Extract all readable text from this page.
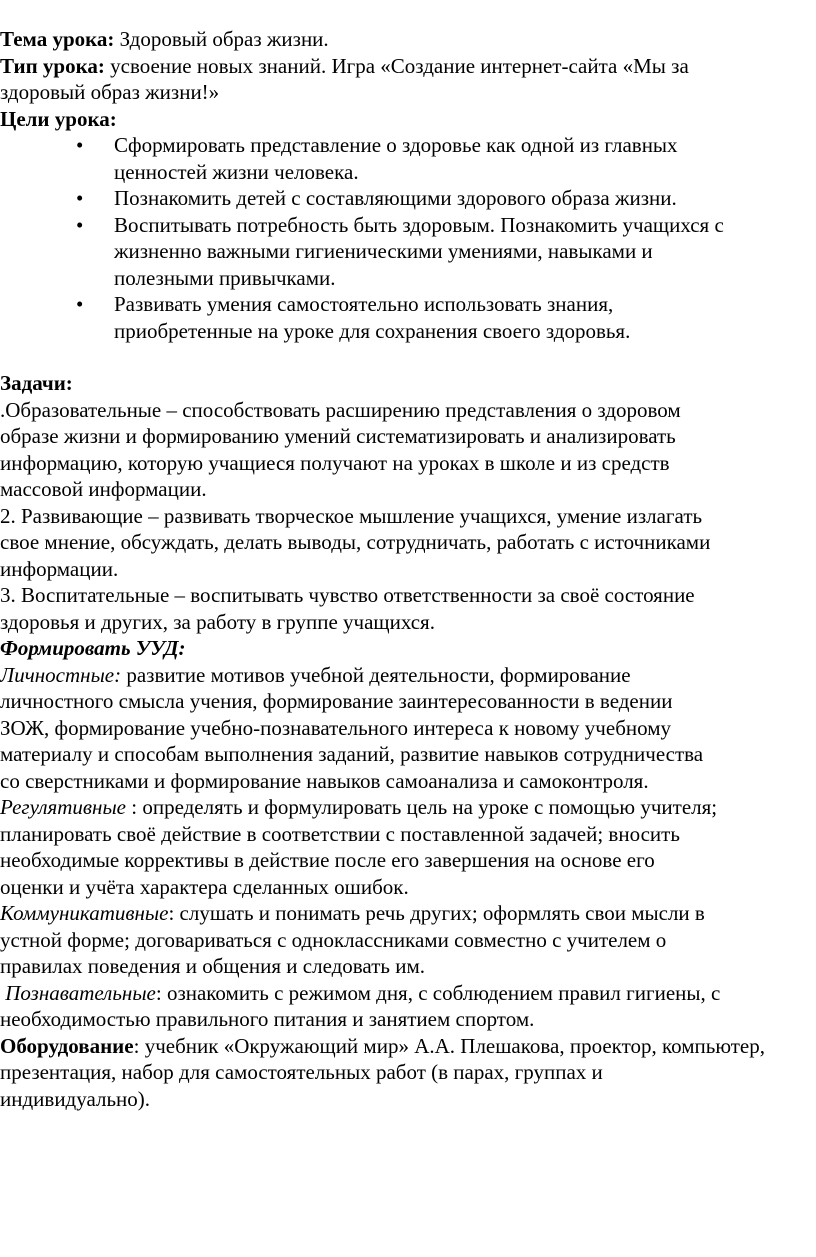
Тема урока: Здоровый образ жизни.

Тип урока: усвоение новых знаний. Игра «Создание интернет-сайта «Мы за

здоровый образ жизни!»

Цели урока:

• Сформировать представление о здоровье как одной из главных
ценностей жизни человека.
• Познакомить детей с составляющими здорового образа жизни.
• Воспитывать потребность быть здоровым. Познакомить учащихся с
жизненно важными гигиеническими умениями, навыками и
полезными привычками.
• Развивать умения самостоятельно использовать знания,
приобретенные на уроке для сохранения своего здоровья.

Задачи:

.Образовательные – способствовать расширению представления о здоровом
образе жизни и формированию умений систематизировать и анализировать
информацию, которую учащиеся получают на уроках в школе и из средств
массовой информации.
2. Развивающие – развивать творческое мышление учащихся, умение излагать
свое мнение, обсуждать, делать выводы, сотрудничать, работать с источниками
информации.
3. Воспитательные – воспитывать чувство ответственности за своё состояние
здоровья и других, за работу в группе учащихся.

Формировать УУД:

Личностные: развитие мотивов учебной деятельности, формирование
личностного смысла учения, формирование заинтересованности в ведении
ЗОЖ, формирование учебно-познавательного интереса к новому учебному
материалу и способам выполнения заданий, развитие навыков сотрудничества
со сверстниками и формирование навыков самоанализа и самоконтроля.
Регулятивные : определять и формулировать цель на уроке с помощью учителя;
планировать своё действие в соответствии с поставленной задачей; вносить
необходимые коррективы в действие после его завершения на основе его
оценки и учёта характера сделанных ошибок.
Коммуникативные: слушать и понимать речь других; оформлять свои мысли в
устной форме; договариваться с одноклассниками совместно с учителем о
правилах поведения и общения и следовать им.
Познавательные: ознакомить с режимом дня, с соблюдением правил гигиены, с
необходимостью правильного питания и занятием спортом.
Оборудование: учебник «Окружающий мир» А.А. Плешакова, проектор, компьютер,
презентация, набор для самостоятельных работ (в парах, группах и
индивидуально).
